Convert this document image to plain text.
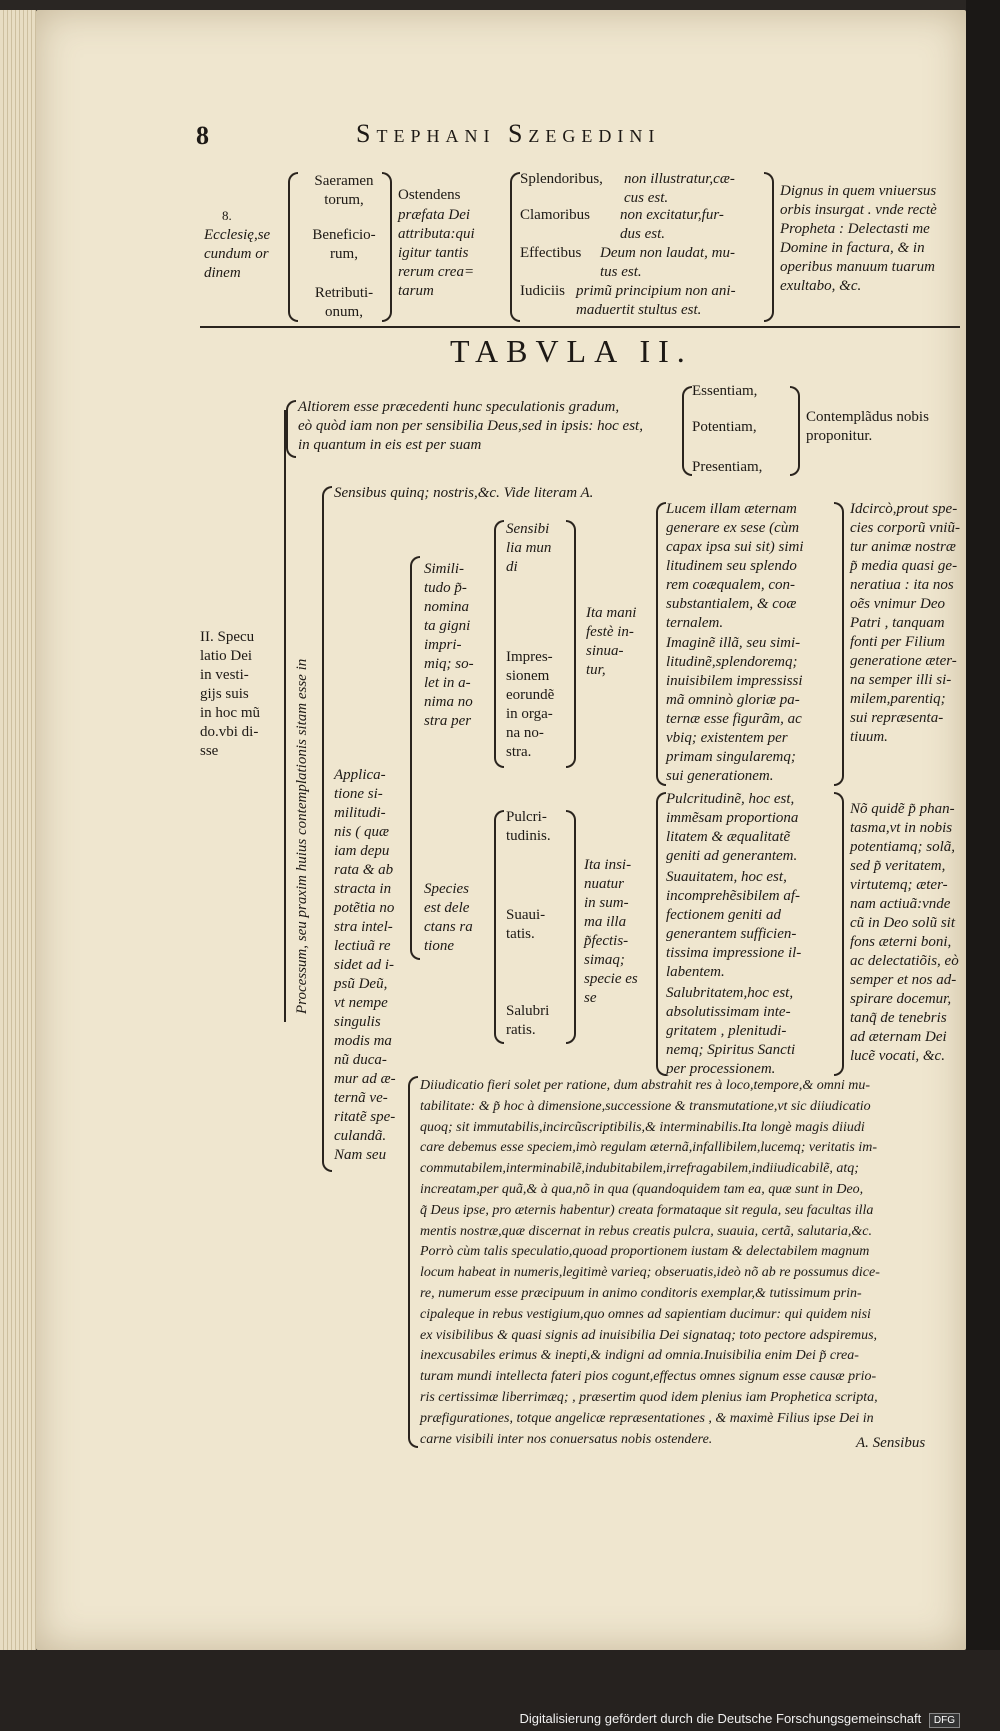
8	Stephani Szegedini
8.
Ecclesię,se
cundum or
dinem
Saeramen
torum,
Beneficio-
rum,
Retributi-
onum,
Ostendens
præfata Dei
attributa:qui
igitur tantis
rerum crea=
tarum
Splendoribus, non illustratur,cæ-
cus est.
Clamoribus non excitatur,fur-
dus est.
Effectibus Deum non laudat, mu-
tus est.
Iudiciis primũ principium non ani-
maduertit stultus est.
Dignus in quem vniuersus
orbis insurgat . vnde rectè
Propheta : Delectasti me
Domine in factura, & in
operibus manuum tuarum
exultabo, &c.
TABVLA II.
Altiorem esse præcedenti hunc speculationis gradum,
eò quòd iam non per sensibilia Deus,sed in ipsis: hoc est,
in quantum in eis est per suam
Essentiam,
Potentiam,
Presentiam,
Contemplãdus nobis
proponitur.
II. Specu
latio Dei
in vesti-
gijs suis
in hoc mũ
do.vbi di-
sse	Processum, seu praxim huius contemplationis sitam esse in
Sensibus quinq; nostris,&c. Vide literam A.
Applica-
tione si-
militudi-
nis ( quæ
iam depu
rata & ab
stracta in
potẽtia no
stra intel-
lectiuã re
sidet ad i-
psũ Deũ,
vt nempe
singulis
modis ma
nũ duca-
mur ad æ-
ternã ve-
ritatẽ spe-
culandã.
Nam seu
Simili-
tudo p̃-
nomina
ta gigni
impri-
miq; so-
let in a-
nima no
stra per
Sensibi
lia mun
di
Impres-
sionem
eorundẽ
in orga-
na no-
stra.
Ita mani
festè in-
sinua-
tur,
Lucem illam æternam
generare ex sese (cùm
capax ipsa sui sit) simi
litudinem seu splendo
rem coæqualem, con-
substantialem, & coæ
ternalem.
Imaginẽ illã, seu simi-
litudinẽ,splendoremq;
inuisibilem impressissi
mã omninò gloriæ pa-
ternæ esse figurãm, ac
vbiq; existentem per
primam singularemq;
sui generationem.
Idcircò,prout spe-
cies corporũ vniũ-
tur animæ nostræ
p̃ media quasi ge-
neratiua : ita nos
oẽs vnimur Deo
Patri , tanquam
fonti per Filium
generatione æter-
na semper illi si-
milem,parentiq;
sui repræsenta-
tiuum.
Species
est dele
ctans ra
tione
Pulcri-
tudinis.
Suaui-
tatis.
Salubri
ratis.
Ita insi-
nuatur
in sum-
ma illa
p̃fectis-
simaq;
specie es
se
Pulcritudinẽ, hoc est,
immẽsam proportiona
litatem & æqualitatẽ
geniti ad generantem.
Suauitatem, hoc est,
incomprehẽsibilem af-
fectionem geniti ad
generantem sufficien-
tissima impressione il-
labentem.
Salubritatem,hoc est,
absolutissimam inte-
gritatem , plenitudi-
nemq; Spiritus Sancti
per processionem.
Nõ quidẽ p̃ phan-
tasma,vt in nobis
potentiamq; solã,
sed p̃ veritatem,
virtutemq; æter-
nam actiuã:vnde
cũ in Deo solũ sit
fons æterni boni,
ac delectatiõis, eò
semper et nos ad-
spirare docemur,
tanq̃ de tenebris
ad æternam Dei
lucẽ vocati, &c.
Diiudicatio fieri solet per ratione, dum abstrahit res à loco,tempore,& omni mu-
tabilitate: & p̃ hoc à dimensione,successione & transmutatione,vt sic diiudicatio
quoq; sit immutabilis,incircũscriptibilis,& interminabilis.Ita longè magis diiudi
care debemus esse speciem,imò regulam æternã,infallibilem,lucemq; veritatis im-
commutabilem,interminabilẽ,indubitabilem,irrefragabilem,indiiudicabilẽ, atq;
increatam,per quã,& à qua,nõ in qua (quandoquidem tam ea, quæ sunt in Deo,
q̃ Deus ipse, pro æternis habentur) creata formataque sit regula, seu facultas illa
mentis nostræ,quæ discernat in rebus creatis pulcra, suauia, certã, salutaria,&c.
Porrò cùm talis speculatio,quoad proportionem iustam & delectabilem magnum
locum habeat in numeris,legitimè varieq; obseruatis,ideò nõ ab re possumus dice-
re, numerum esse præcipuum in animo conditoris exemplar,& tutissimum prin-
cipaleque in rebus vestigium,quo omnes ad sapientiam ducimur: qui quidem nisi
ex visibilibus & quasi signis ad inuisibilia Dei signataq; toto pectore adspiremus,
inexcusabiles erimus & inepti,& indigni ad omnia.Inuisibilia enim Dei p̃ crea-
turam mundi intellecta fateri pios cogunt,effectus omnes signum esse causæ prio-
ris certissimæ liberrimæq; , præsertim quod idem plenius iam Prophetica scripta,
præfigurationes, totque angelicæ repræsentationes , & maximè Filius ipse Dei in
carne visibili inter nos conuersatus nobis ostendere.	A. Sensibus
Digitalisierung gefördert durch die Deutsche Forschungsgemeinschaft DFG
